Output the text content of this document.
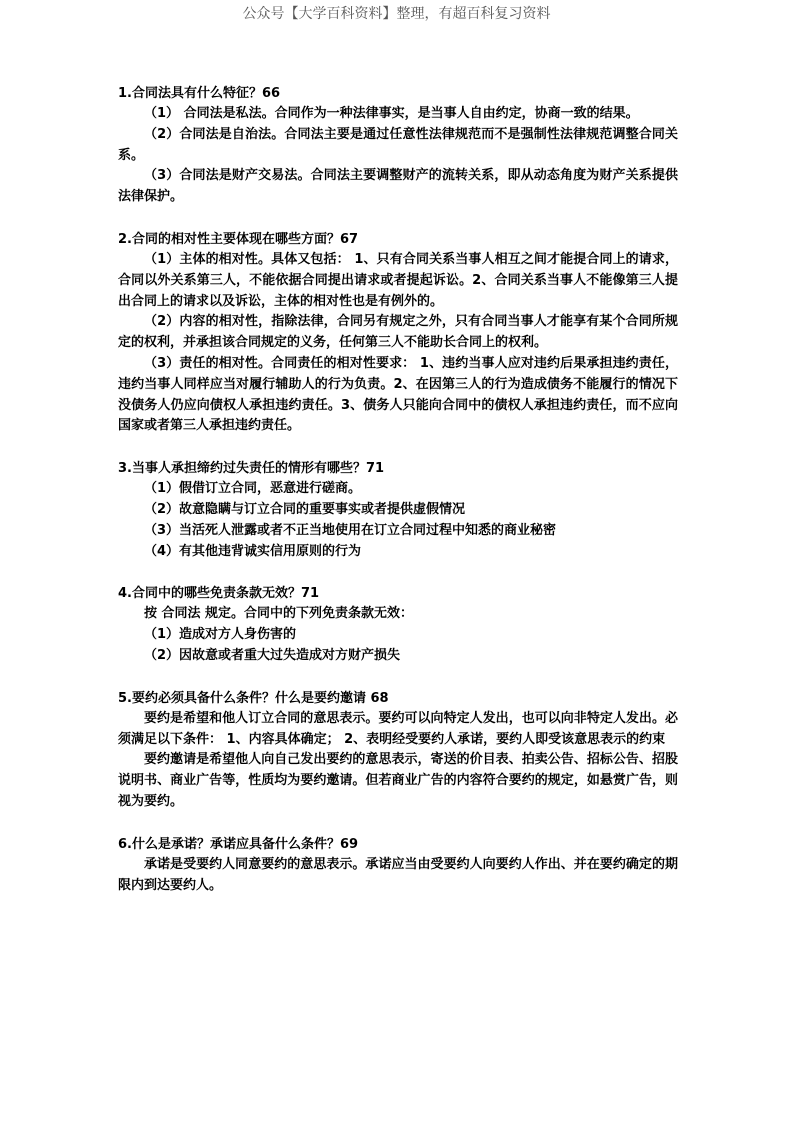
公众号【大学百科资料】整理，有超百科复习资料
1.合同法具有什么特征？66
（1） 合同法是私法。合同作为一种法律事实，是当事人自由约定，协商一致的结果。
（2）合同法是自治法。合同法主要是通过任意性法律规范而不是强制性法律规范调整合同关系。
（3）合同法是财产交易法。合同法主要调整财产的流转关系，即从动态角度为财产关系提供法律保护。
2.合同的相对性主要体现在哪些方面？67
（1）主体的相对性。具体又包括： 1、只有合同关系当事人相互之间才能提合同上的请求，合同以外关系第三人，不能依据合同提出请求或者提起诉讼。2、合同关系当事人不能像第三人提出合同上的请求以及诉讼，主体的相对性也是有例外的。
（2）内容的相对性，指除法律，合同另有规定之外，只有合同当事人才能享有某个合同所规定的权利，并承担该合同规定的义务，任何第三人不能助长合同上的权利。
（3）责任的相对性。合同责任的相对性要求： 1、违约当事人应对违约后果承担违约责任，违约当事人同样应当对履行辅助人的行为负责。2、在因第三人的行为造成债务不能履行的情况下没债务人仍应向债权人承担违约责任。3、债务人只能向合同中的债权人承担违约责任，而不应向国家或者第三人承担违约责任。
3.当事人承担缔约过失责任的情形有哪些？71
（1）假借订立合同，恶意进行磋商。
（2）故意隐瞒与订立合同的重要事实或者提供虚假情况
（3）当活死人泄露或者不正当地使用在订立合同过程中知悉的商业秘密
（4）有其他违背诚实信用原则的行为
4.合同中的哪些免责条款无效？71
按 合同法 规定。合同中的下列免责条款无效：
（1）造成对方人身伤害的
（2）因故意或者重大过失造成对方财产损失
5.要约必须具备什么条件？什么是要约邀请 68
要约是希望和他人订立合同的意思表示。要约可以向特定人发出，也可以向非特定人发出。必须满足以下条件： 1、内容具体确定； 2、表明经受要约人承诺，要约人即受该意思表示的约束
要约邀请是希望他人向自己发出要约的意思表示，寄送的价目表、拍卖公告、招标公告、招股说明书、商业广告等，性质均为要约邀请。但若商业广告的内容符合要约的规定，如悬赏广告，则视为要约。
6.什么是承诺？承诺应具备什么条件？69
承诺是受要约人同意要约的意思表示。承诺应当由受要约人向要约人作出、并在要约确定的期限内到达要约人。
